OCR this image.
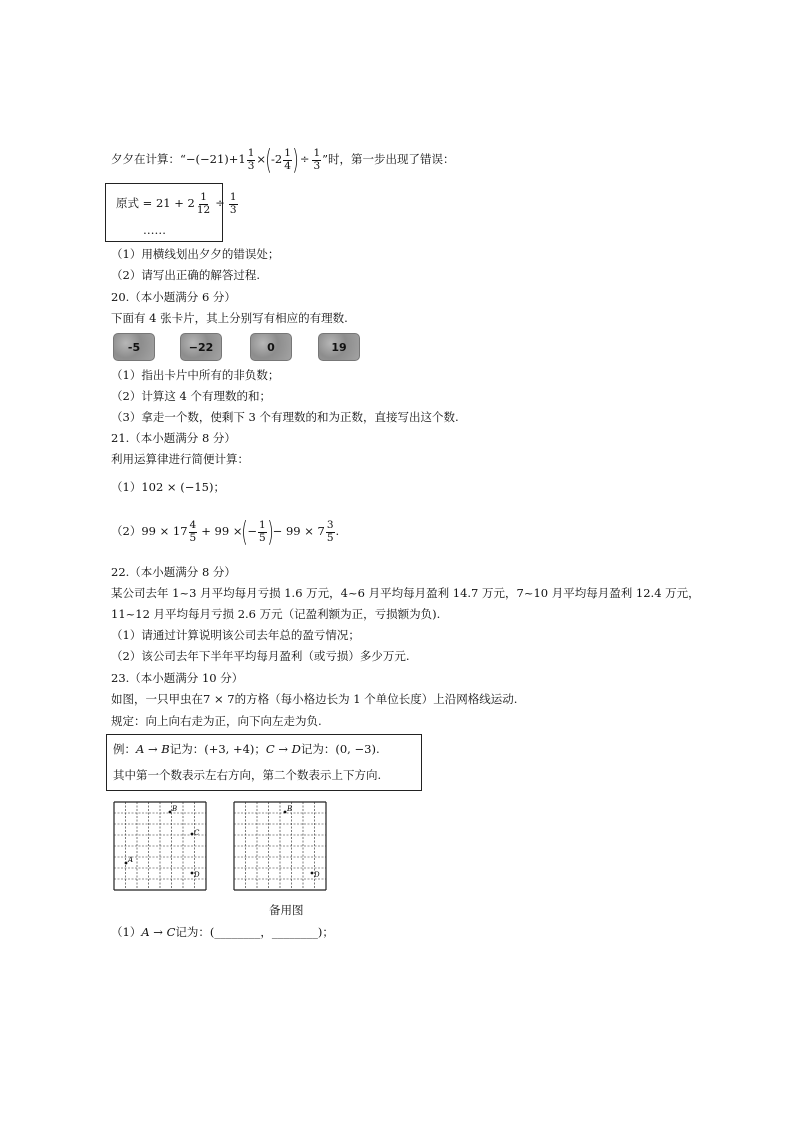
夕夕在计算：“ $-(-21)+1 \frac{1}{3}$ × ( $-2 \frac{1}{4}$ ) ÷ $\frac{1}{3}$ ”时，第一步出现了错误：
原式 = $21 + 2 \frac{1}{12} \div \frac{1}{3}$
……
（1）用横线划出夕夕的错误处；
（2）请写出正确的解答过程.
20.（本小题满分 6 分）
下面有 4 张卡片，其上分别写有相应的有理数.
-5	−22	0	19
（1）指出卡片中所有的非负数；
（2）计算这 4 个有理数的和；
（3）拿走一个数，使剩下 3 个有理数的和为正数，直接写出这个数.
21.（本小题满分 8 分）
利用运算律进行简便计算：
（1）102 × (−15)；
（2） $99 \times 17 \frac{4}{5} + 99$ × ( − $\frac{1}{5}$ ) − $99 \times 7 \frac{3}{5}$ .
22.（本小题满分 8 分）
某公司去年 1~3 月平均每月亏损 1.6 万元，4~6 月平均每月盈利 14.7 万元，7~10 月平均每月盈利 12.4 万元，
11~12 月平均每月亏损 2.6 万元（记盈利额为正，亏损额为负).
（1）请通过计算说明该公司去年总的盈亏情况；
（2）该公司去年下半年平均每月盈利（或亏损）多少万元.
23.（本小题满分 10 分）
如图，一只甲虫在7 × 7的方格（每小格边长为 1 个单位长度）上沿网格线运动.
规定：向上向右走为正，向下向左走为负.
例：A → B记为：(+3, +4)；C → D记为：(0, −3).
其中第一个数表示左右方向，第二个数表示上下方向.
B
C
A
D
B
D
备用图
（1）A → C记为：(________，________)；
